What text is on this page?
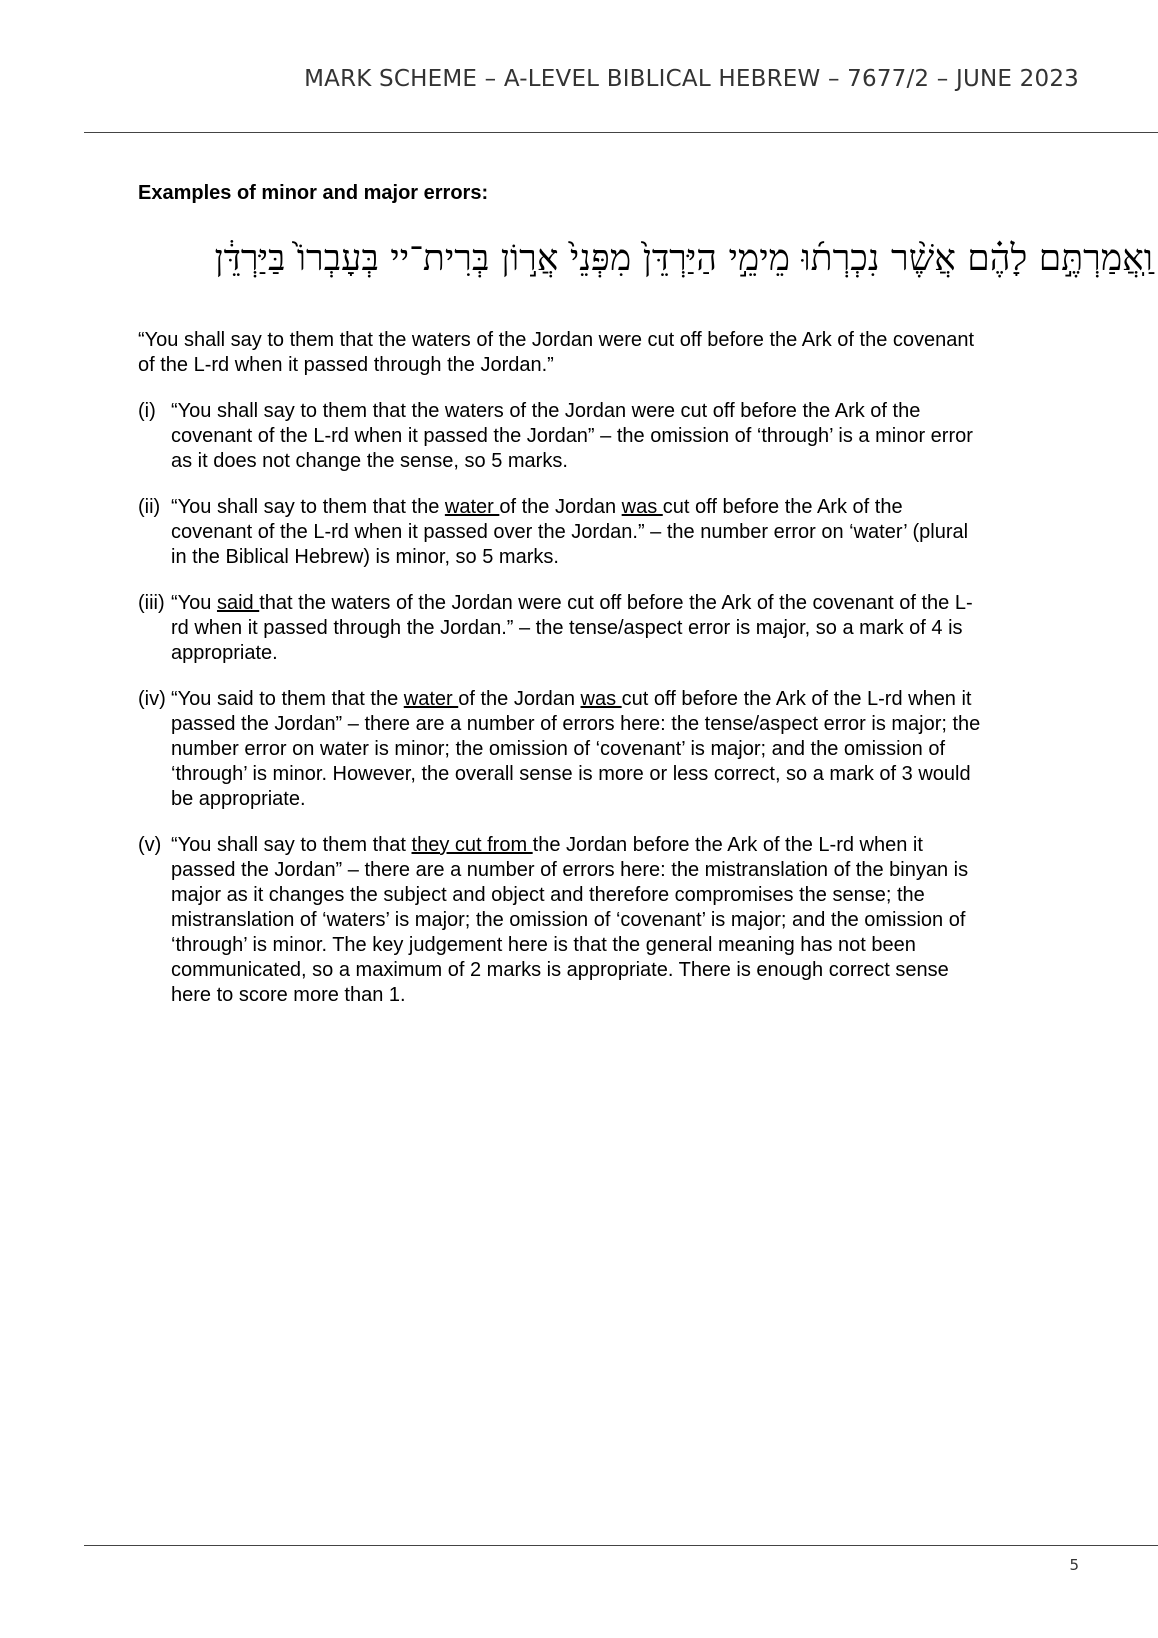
MARK SCHEME – A-LEVEL BIBLICAL HEBREW – 7677/2 – JUNE 2023
Examples of minor and major errors:
וַֽאֲמַרְתֶּ֣ם לָהֶ֗ם אֲשֶׁ֨ר נִכְרְת֜וּ מֵימֵ֣י הַיַּרְדֵּן֙ מִפְּנֵי֙ אֲר֣וֹן בְּרִית־יי בְּעָבְרוֹ֙ בַּיַּרְדֵּ֔ן
“You shall say to them that the waters of the Jordan were cut off before the Ark of the covenant of the L-rd when it passed through the Jordan.”
(i) “You shall say to them that the waters of the Jordan were cut off before the Ark of the covenant of the L-rd when it passed the Jordan” – the omission of ‘through’ is a minor error as it does not change the sense, so 5 marks.
(ii) “You shall say to them that the water of the Jordan was cut off before the Ark of the covenant of the L-rd when it passed over the Jordan.” – the number error on ‘water’ (plural in the Biblical Hebrew) is minor, so 5 marks.
(iii) “You said that the waters of the Jordan were cut off before the Ark of the covenant of the L-rd when it passed through the Jordan.” – the tense/aspect error is major, so a mark of 4 is appropriate.
(iv) “You said to them that the water of the Jordan was cut off before the Ark of the L-rd when it passed the Jordan” – there are a number of errors here: the tense/aspect error is major; the number error on water is minor; the omission of ‘covenant’ is major; and the omission of ‘through’ is minor. However, the overall sense is more or less correct, so a mark of 3 would be appropriate.
(v) “You shall say to them that they cut from the Jordan before the Ark of the L-rd when it passed the Jordan” – there are a number of errors here: the mistranslation of the binyan is major as it changes the subject and object and therefore compromises the sense; the mistranslation of ‘waters’ is major; the omission of ‘covenant’ is major; and the omission of ‘through’ is minor. The key judgement here is that the general meaning has not been communicated, so a maximum of 2 marks is appropriate. There is enough correct sense here to score more than 1.
5
